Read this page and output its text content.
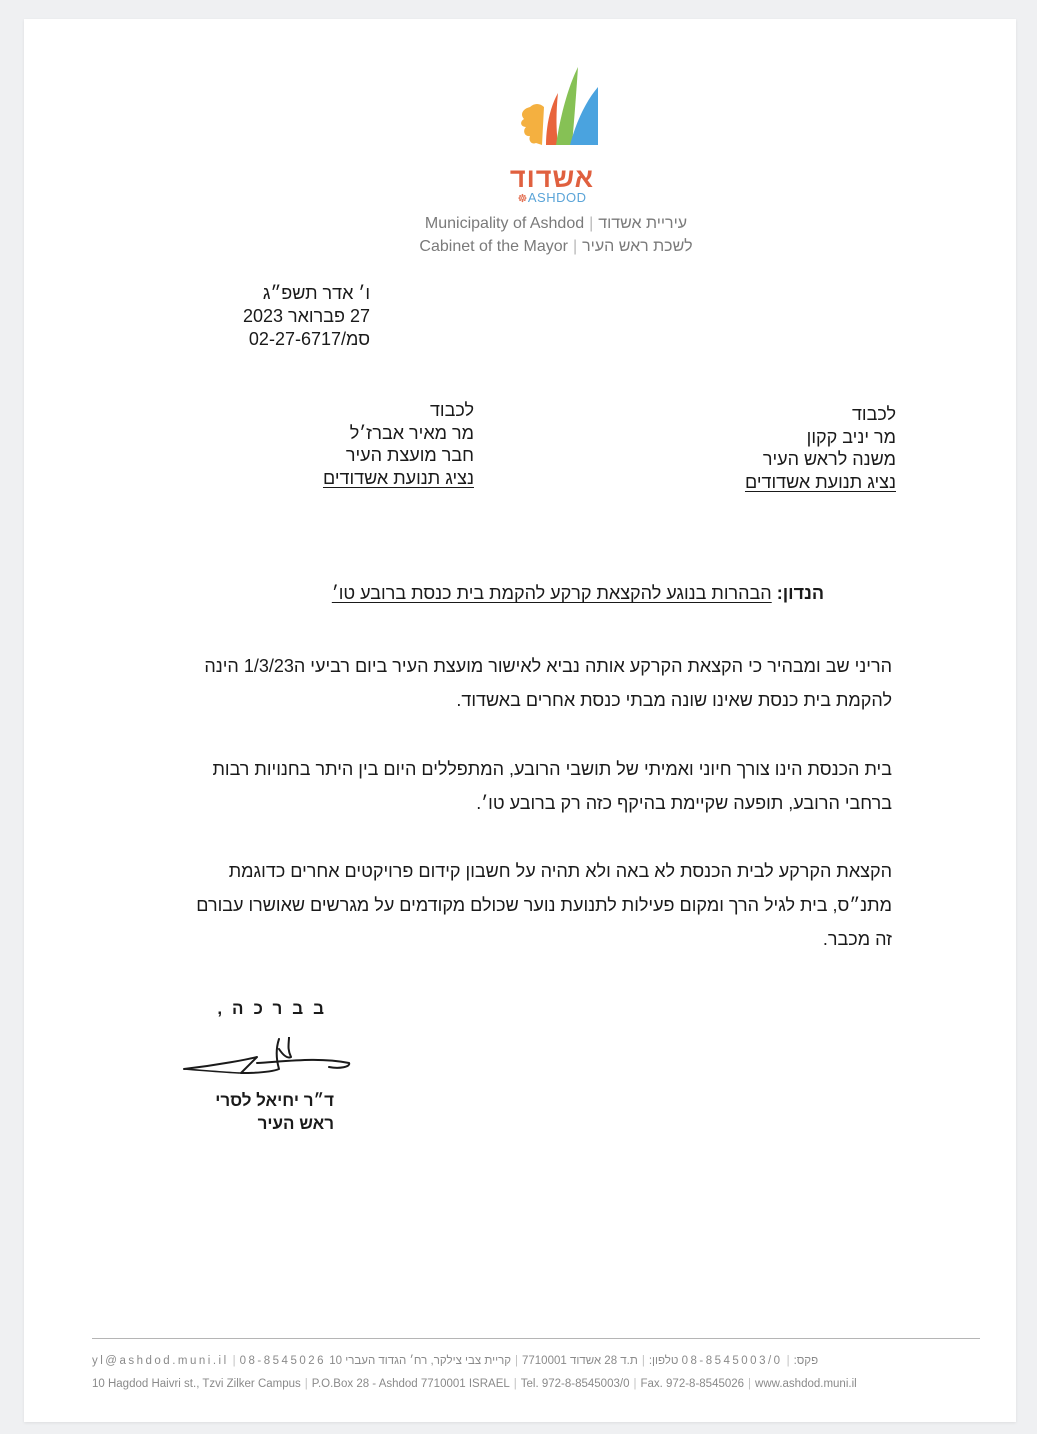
אשדוד
☸ASHDOD
Municipality of Ashdod | עיריית אשדוד
Cabinet of the Mayor | לשכת ראש העיר
ו׳ אדר תשפ״ג
27 פברואר 2023
סמ/02-27-6717
לכבוד
מר יניב קקון
משנה לראש העיר
נציג תנועת אשדודים
לכבוד
מר מאיר אברז׳ל
חבר מועצת העיר
נציג תנועת אשדודים
הנדון: הבהרות בנוגע להקצאת קרקע להקמת בית כנסת ברובע טו׳
הריני שב ומבהיר כי הקצאת הקרקע אותה נביא לאישור מועצת העיר ביום רביעי ה1/3/23 הינה להקמת בית כנסת שאינו שונה מבתי כנסת אחרים באשדוד.
בית הכנסת הינו צורך חיוני ואמיתי של תושבי הרובע, המתפללים היום בין היתר בחנויות רבות ברחבי הרובע, תופעה שקיימת בהיקף כזה רק ברובע טו׳.
הקצאת הקרקע לבית הכנסת לא באה ולא תהיה על חשבון קידום פרויקטים אחרים כדוגמת מתנ״ס, בית לגיל הרך ומקום פעילות לתנועת נוער שכולם מקודמים על מגרשים שאושרו עבורם זה מכבר.
בברכה,
ד״ר יחיאל לסרי
ראש העיר
yl@ashdod.muni.il | 08-8545026	פקס:|08-8545003/0 טלפון:|ת.ד 28 אשדוד 7710001|קריית צבי צילקר, רח׳ הגדוד העברי 10
10 Hagdod Haivri st., Tzvi Zilker Campus | P.O.Box 28 - Ashdod 7710001 ISRAEL | Tel. 972-8-8545003/0 | Fax. 972-8-8545026 | www.ashdod.muni.il
